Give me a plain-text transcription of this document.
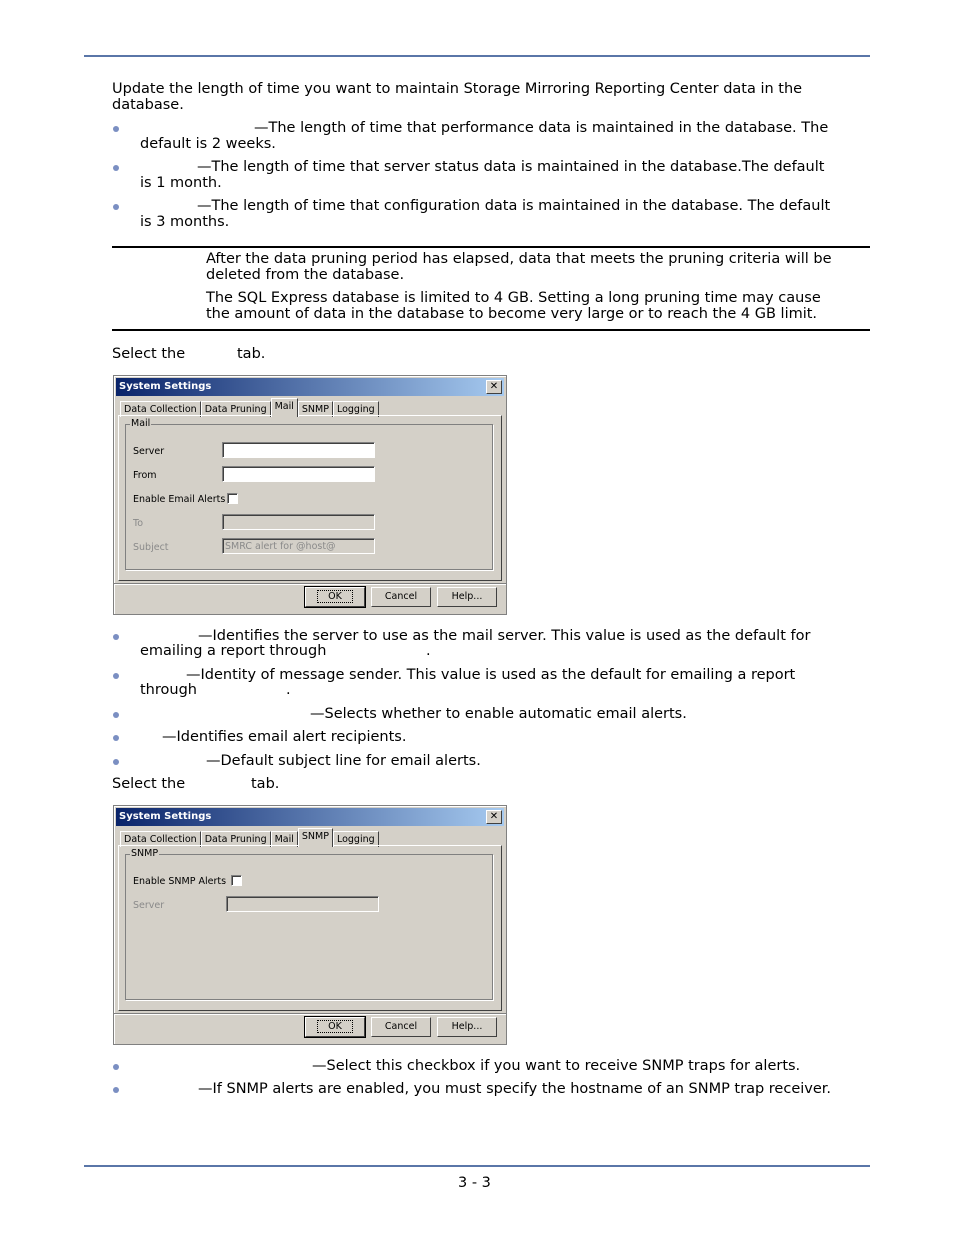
Update the length of time you want to maintain Storage Mirroring Reporting Center data in the database.
—The length of time that performance data is maintained in the database. The
default is 2 weeks.
—The length of time that server status data is maintained in the database.The default
is 1 month.
—The length of time that configuration data is maintained in the database. The default
is 3 months.
After the data pruning period has elapsed, data that meets the pruning criteria will be
deleted from the database.
The SQL Express database is limited to 4 GB. Setting a long pruning time may cause
the amount of data in the database to become very large or to reach the 4 GB limit.
Select the	tab.
System Settings	✕
Data Collection Data Pruning Mail SNMP Logging
Mail
Server
From
Enable Email Alerts
To
Subject	SMRC alert for @host@
OK	Cancel	Help...
—Identifies the server to use as the mail server. This value is used as the default for
emailing a report through	.
—Identity of message sender. This value is used as the default for emailing a report
through	.
—Selects whether to enable automatic email alerts.
—Identifies email alert recipients.
—Default subject line for email alerts.
Select the	tab.
System Settings	✕
Data Collection Data Pruning Mail SNMP Logging
SNMP
Enable SNMP Alerts
Server
OK	Cancel	Help...
—Select this checkbox if you want to receive SNMP traps for alerts.
—If SNMP alerts are enabled, you must specify the hostname of an SNMP trap receiver.
3 - 3
